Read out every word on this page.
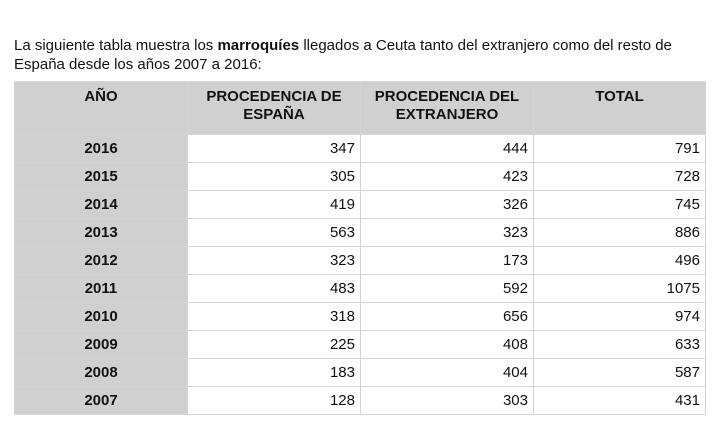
La siguiente tabla muestra los marroquíes llegados a Ceuta tanto del extranjero como del resto de España desde los años 2007 a 2016:

AÑO	PROCEDENCIA DE ESPAÑA	PROCEDENCIA DEL EXTRANJERO	TOTAL
2016	347	444	791
2015	305	423	728
2014	419	326	745
2013	563	323	886
2012	323	173	496
2011	483	592	1075
2010	318	656	974
2009	225	408	633
2008	183	404	587
2007	128	303	431
